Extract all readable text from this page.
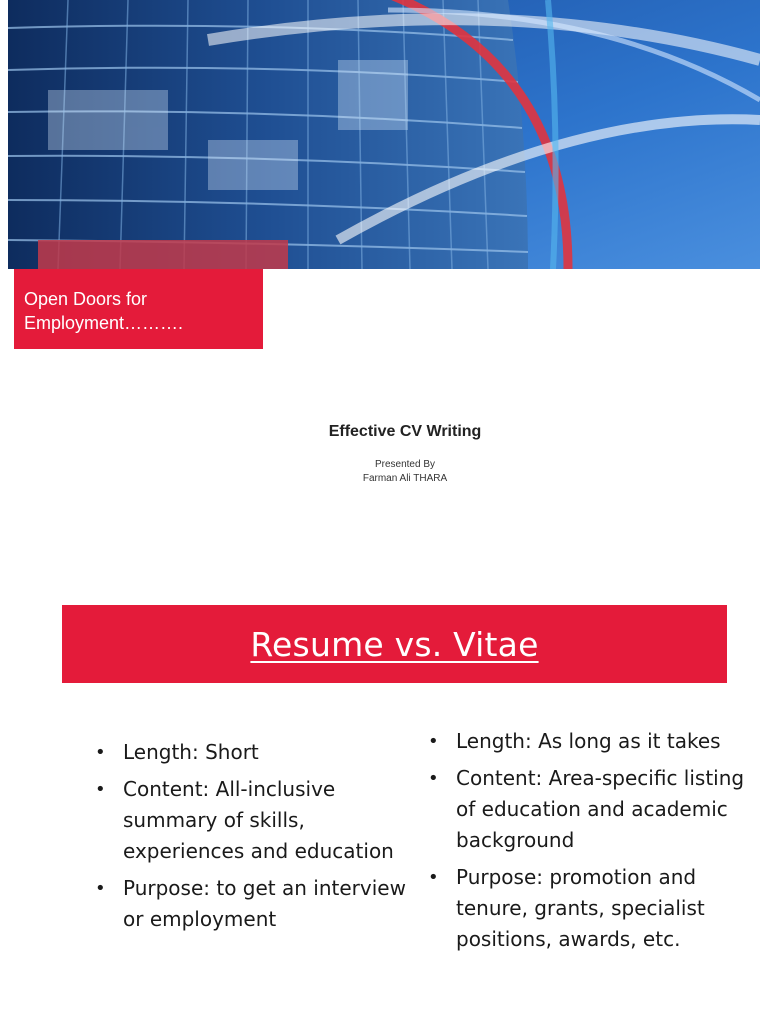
Open Doors for
Employment……….
Effective CV Writing
Presented By
Farman Ali THARA
Resume vs. Vitae
• Length: Short
• Content: All-inclusive summary of skills, experiences and education
• Purpose: to get an interview or employment
• Length: As long as it takes
• Content: Area-specific listing of education and academic background
• Purpose: promotion and tenure, grants, specialist positions, awards, etc.
